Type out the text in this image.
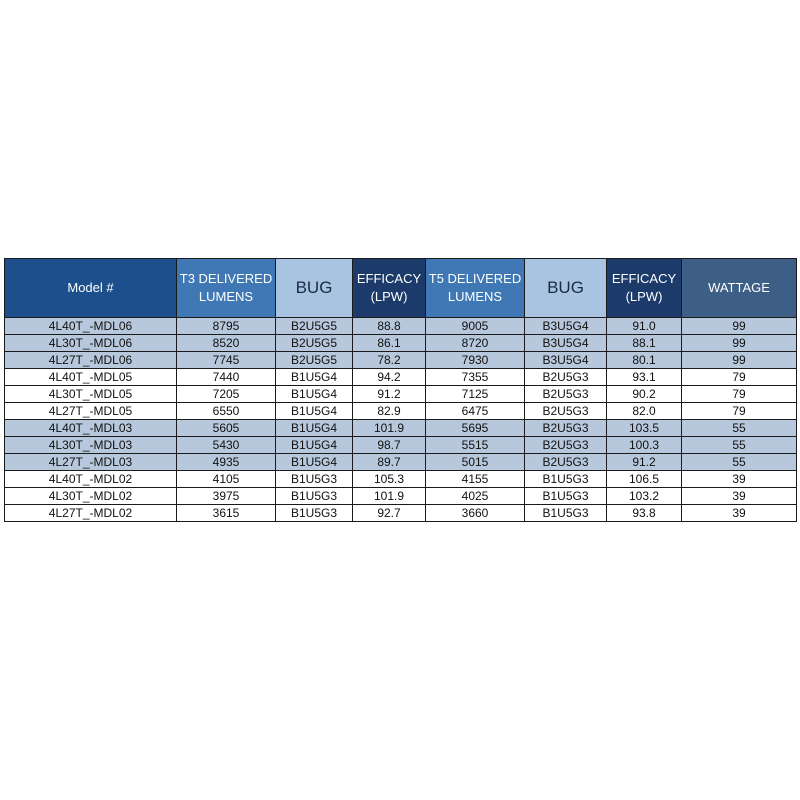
Model #	T3 DELIVERED LUMENS	BUG	EFFICACY (LPW)	T5 DELIVERED LUMENS	BUG	EFFICACY (LPW)	WATTAGE
4L40T_-MDL06	8795	B2U5G5	88.8	9005	B3U5G4	91.0	99
4L30T_-MDL06	8520	B2U5G5	86.1	8720	B3U5G4	88.1	99
4L27T_-MDL06	7745	B2U5G5	78.2	7930	B3U5G4	80.1	99
4L40T_-MDL05	7440	B1U5G4	94.2	7355	B2U5G3	93.1	79
4L30T_-MDL05	7205	B1U5G4	91.2	7125	B2U5G3	90.2	79
4L27T_-MDL05	6550	B1U5G4	82.9	6475	B2U5G3	82.0	79
4L40T_-MDL03	5605	B1U5G4	101.9	5695	B2U5G3	103.5	55
4L30T_-MDL03	5430	B1U5G4	98.7	5515	B2U5G3	100.3	55
4L27T_-MDL03	4935	B1U5G4	89.7	5015	B2U5G3	91.2	55
4L40T_-MDL02	4105	B1U5G3	105.3	4155	B1U5G3	106.5	39
4L30T_-MDL02	3975	B1U5G3	101.9	4025	B1U5G3	103.2	39
4L27T_-MDL02	3615	B1U5G3	92.7	3660	B1U5G3	93.8	39
